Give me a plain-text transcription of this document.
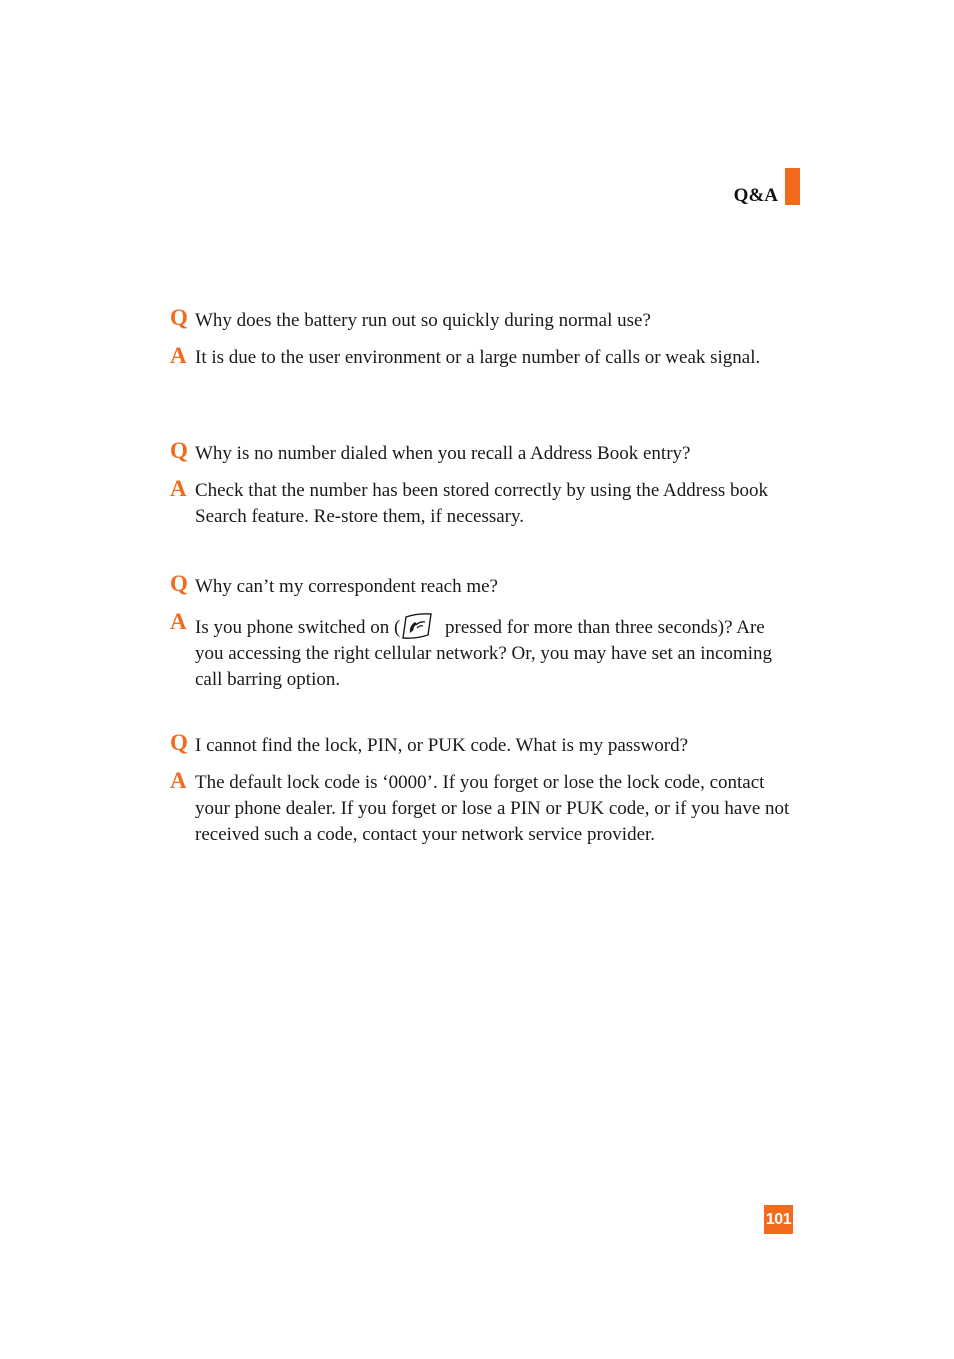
Q&A
Q Why does the battery run out so quickly during normal use?
A It is due to the user environment or a large number of calls or weak signal.
Q Why is no number dialed when you recall a Address Book entry?
A Check that the number has been stored correctly by using the Address book Search feature. Re-store them, if necessary.
Q Why can’t my correspondent reach me?
A Is you phone switched on ( pressed for more than three seconds)? Are you accessing the right cellular network? Or, you may have set an incoming call barring option.
Q I cannot find the lock, PIN, or PUK code. What is my password?
A The default lock code is ‘0000’. If you forget or lose the lock code, contact your phone dealer. If you forget or lose a PIN or PUK code, or if you have not received such a code, contact your network service provider.
101
